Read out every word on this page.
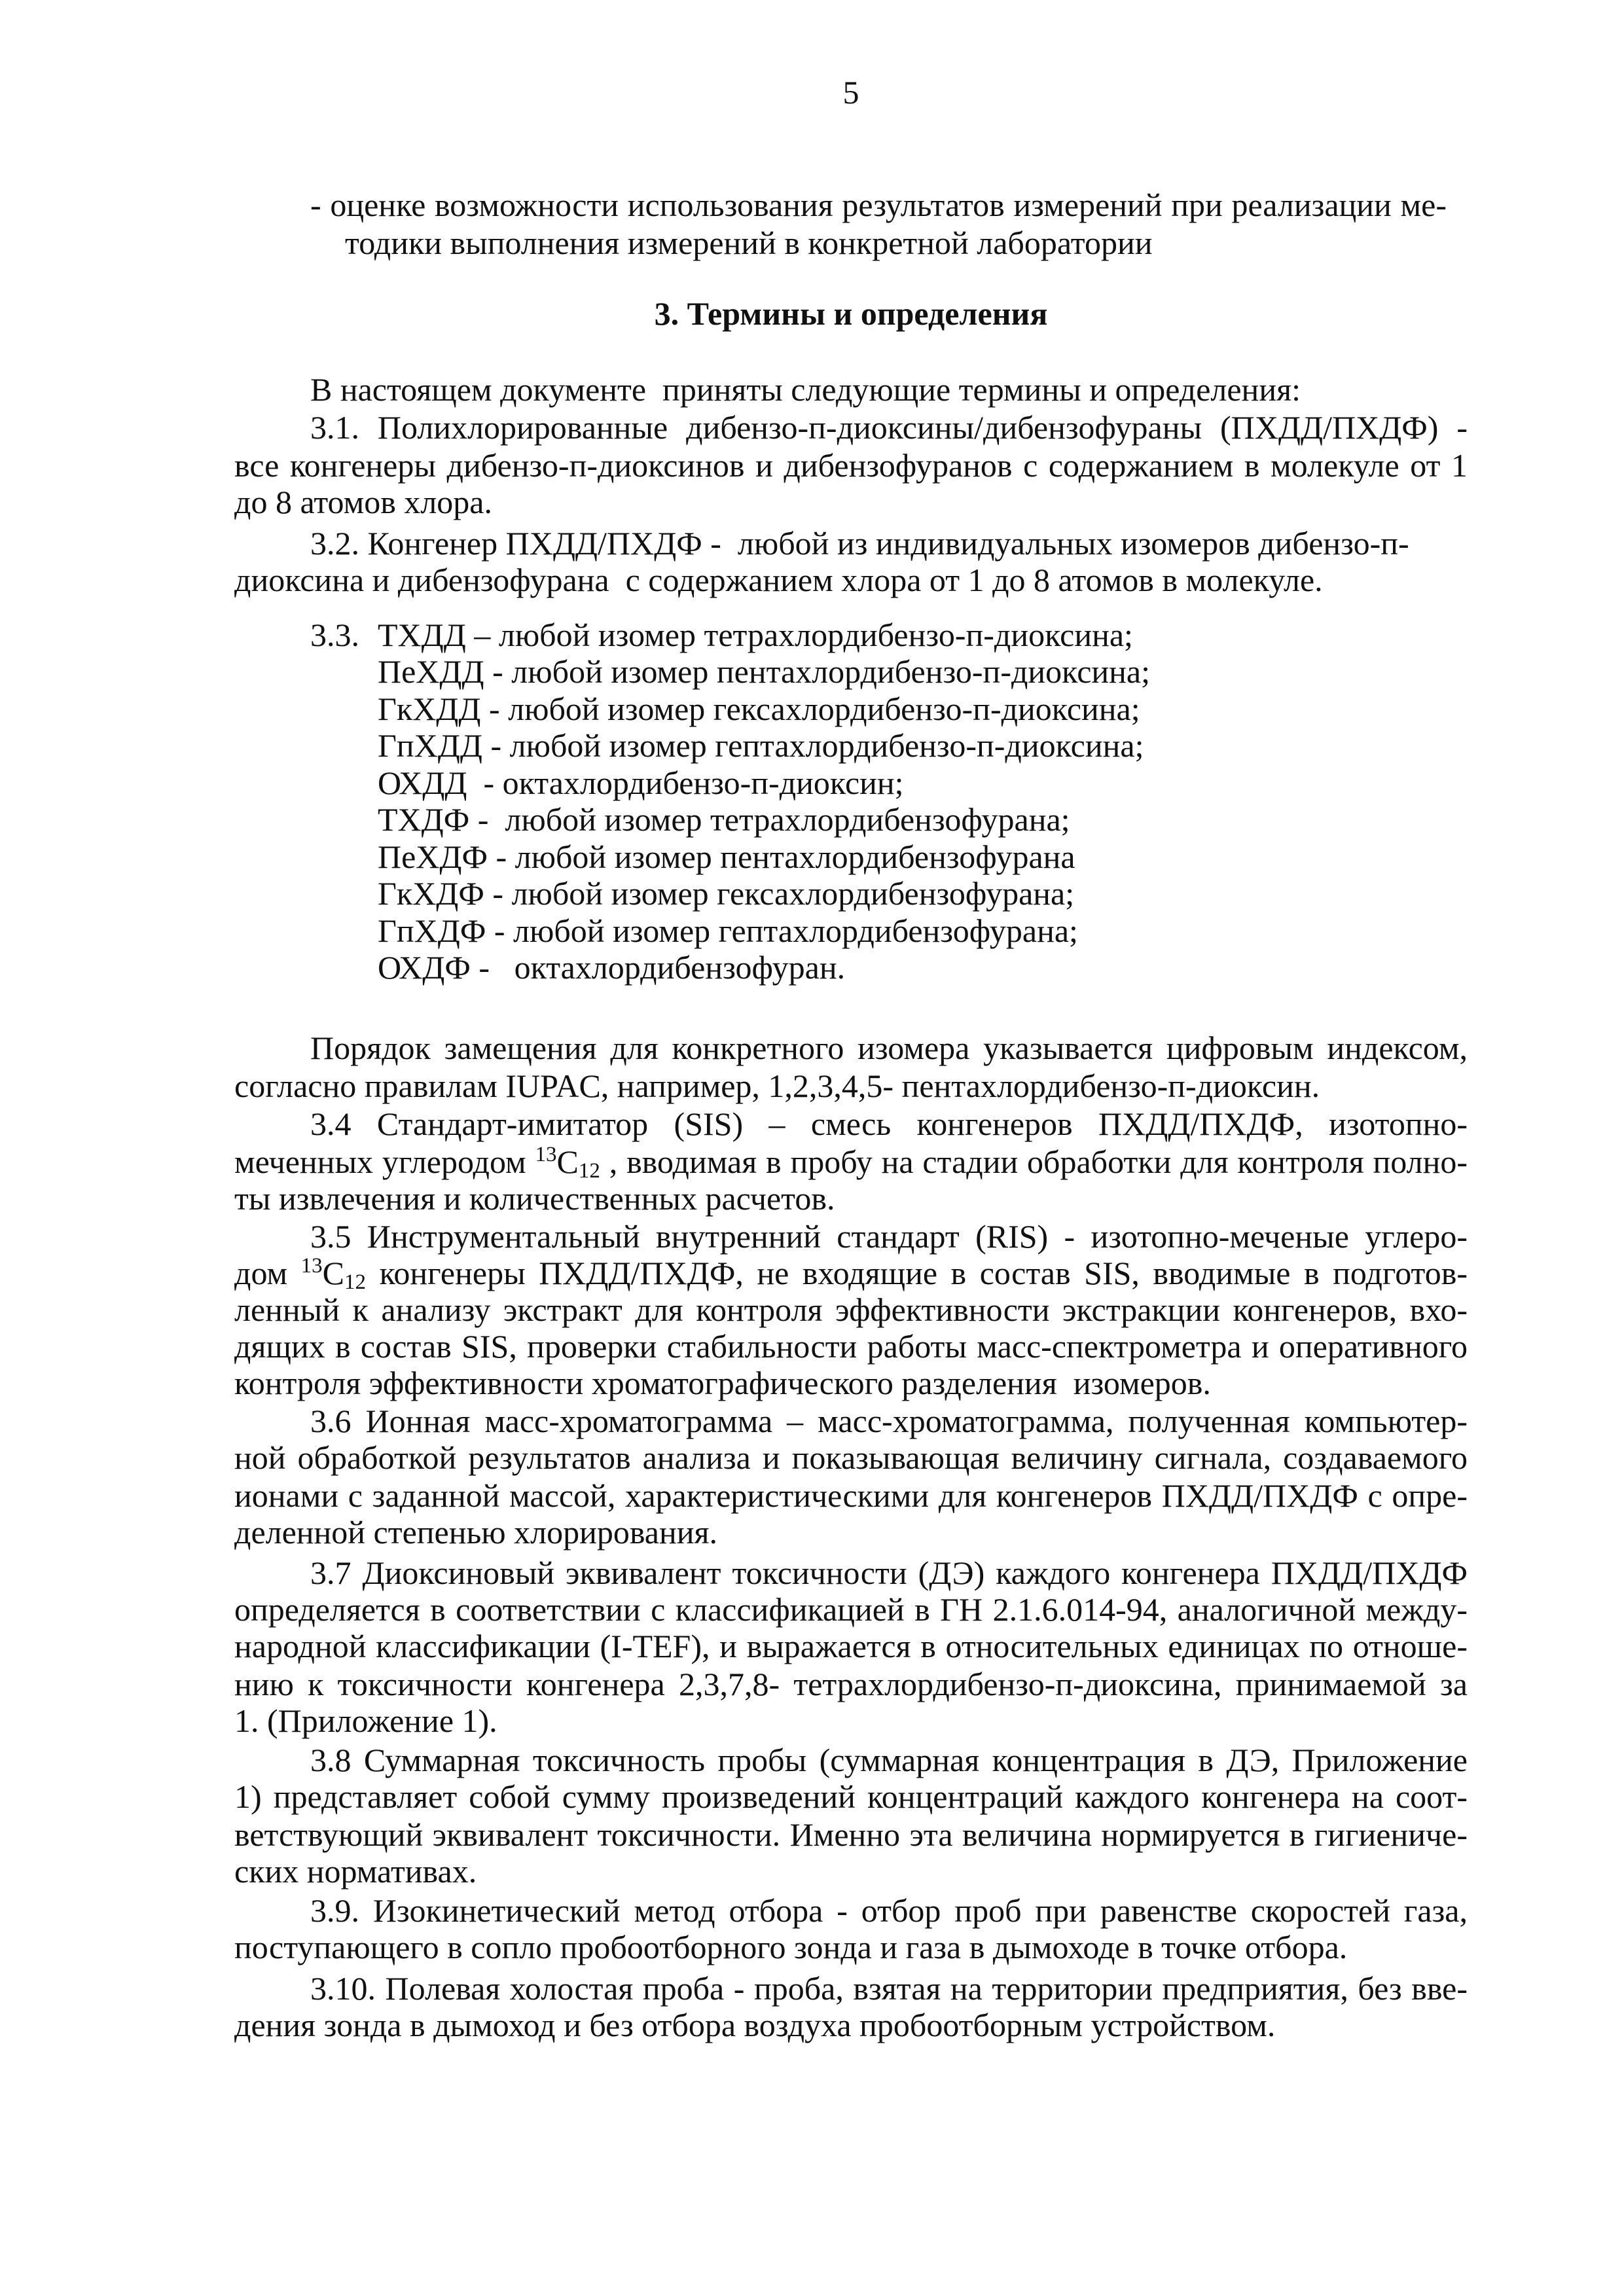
5
- оценке возможности использования результатов измерений при реализации ме-
тодики выполнения измерений в конкретной лаборатории
3. Термины и определения
В настоящем документе  приняты следующие термины и определения:
3.1. Полихлорированные дибензо-п-диоксины/дибензофураны (ПХДД/ПХДФ) -
все конгенеры дибензо-п-диоксинов и дибензофуранов с содержанием в молекуле от 1
до 8 атомов хлора.
3.2. Конгенер ПХДД/ПХДФ -  любой из индивидуальных изомеров дибензо-п-
диоксина и дибензофурана  с содержанием хлора от 1 до 8 атомов в молекуле.
3.3. ТХДД – любой изомер тетрахлордибензо-п-диоксина;
ПеХДД - любой изомер пентахлордибензо-п-диоксина;
ГкХДД - любой изомер гексахлордибензо-п-диоксина;
ГпХДД - любой изомер гептахлордибензо-п-диоксина;
ОХДД  - октахлордибензо-п-диоксин;
ТХДФ -  любой изомер тетрахлордибензофурана;
ПеХДФ - любой изомер пентахлордибензофурана
ГкХДФ - любой изомер гексахлордибензофурана;
ГпХДФ - любой изомер гептахлордибензофурана;
ОХДФ -   октахлордибензофуран.
Порядок замещения для конкретного изомера указывается цифровым индексом,
согласно правилам IUPAC, например, 1,2,3,4,5- пентахлордибензо-п-диоксин.
3.4 Стандарт-имитатор (SIS) – смесь конгенеров ПХДД/ПХДФ, изотопно-
меченных углеродом $^{13}C_{12}$ , вводимая в пробу на стадии обработки для контроля полно-
ты извлечения и количественных расчетов.
3.5 Инструментальный внутренний стандарт (RIS) - изотопно-меченые углеро-
дом $^{13}C_{12}$ конгенеры ПХДД/ПХДФ, не входящие в состав SIS, вводимые в подготов-
ленный к анализу экстракт для контроля эффективности экстракции конгенеров, вхо-
дящих в состав SIS, проверки стабильности работы масс-спектрометра и оперативного
контроля эффективности хроматографического разделения  изомеров.
3.6 Ионная масс-хроматограмма – масс-хроматограмма, полученная компьютер-
ной обработкой результатов анализа и показывающая величину сигнала, создаваемого
ионами с заданной массой, характеристическими для конгенеров ПХДД/ПХДФ с опре-
деленной степенью хлорирования.
3.7 Диоксиновый эквивалент токсичности (ДЭ) каждого конгенера ПХДД/ПХДФ
определяется в соответствии с классификацией в ГН 2.1.6.014-94, аналогичной между-
народной классификации (I-TEF), и выражается в относительных единицах по отноше-
нию к токсичности конгенера 2,3,7,8- тетрахлордибензо-п-диоксина, принимаемой за
1. (Приложение 1).
3.8 Суммарная токсичность пробы (суммарная концентрация в ДЭ, Приложение
1) представляет собой сумму произведений концентраций каждого конгенера на соот-
ветствующий эквивалент токсичности. Именно эта величина нормируется в гигиениче-
ских нормативах.
3.9. Изокинетический метод отбора - отбор проб при равенстве скоростей газа,
поступающего в сопло пробоотборного зонда и газа в дымоходе в точке отбора.
3.10. Полевая холостая проба - проба, взятая на территории предприятия, без вве-
дения зонда в дымоход и без отбора воздуха пробоотборным устройством.
